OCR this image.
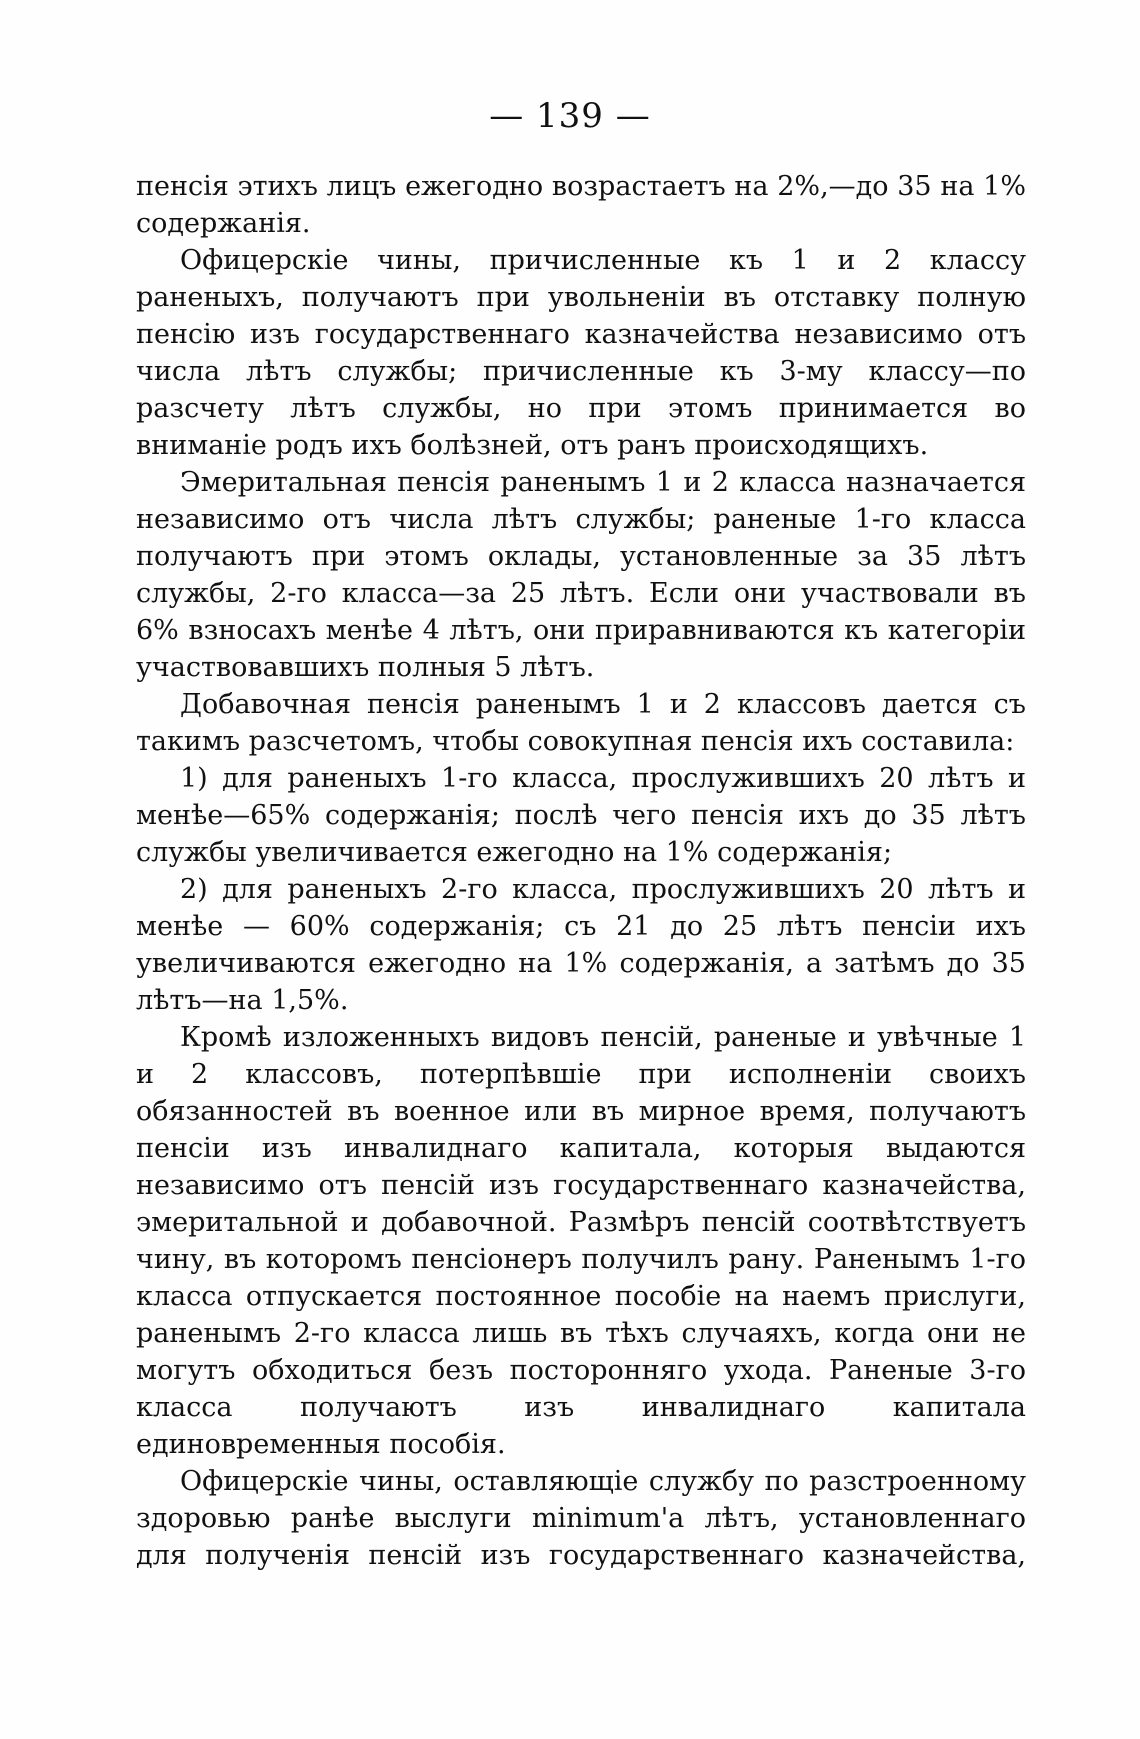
— 139 —

пенсія этихъ лицъ ежегодно возрастаетъ на 2%,—до 35 на 1% содержанія.

Офицерскіе чины, причисленные къ 1 и 2 классу раненыхъ, получаютъ при увольненіи въ отставку полную пенсію изъ государственнаго казначейства независимо отъ числа лѣтъ службы; причисленные къ 3-му классу—по разсчету лѣтъ службы, но при этомъ принимается во вниманіе родъ ихъ болѣзней, отъ ранъ происходящихъ.

Эмеритальная пенсія раненымъ 1 и 2 класса назначается независимо отъ числа лѣтъ службы; раненые 1-го класса получаютъ при этомъ оклады, установленные за 35 лѣтъ службы, 2-го класса—за 25 лѣтъ. Если они участвовали въ 6% взносахъ менѣе 4 лѣтъ, они приравниваются къ категоріи участвовавшихъ полныя 5 лѣтъ.

Добавочная пенсія раненымъ 1 и 2 классовъ дается съ такимъ разсчетомъ, чтобы совокупная пенсія ихъ составила:

1) для раненыхъ 1-го класса, прослужившихъ 20 лѣтъ и менѣе—65% содержанія; послѣ чего пенсія ихъ до 35 лѣтъ службы увеличивается ежегодно на 1% содержанія;

2) для раненыхъ 2-го класса, прослужившихъ 20 лѣтъ и менѣе — 60% содержанія; съ 21 до 25 лѣтъ пенсіи ихъ увеличиваются ежегодно на 1% содержанія, а затѣмъ до 35 лѣтъ—на 1,5%.

Кромѣ изложенныхъ видовъ пенсій, раненые и увѣчные 1 и 2 классовъ, потерпѣвшіе при исполненіи своихъ обязанностей въ военное или въ мирное время, получаютъ пенсіи изъ инвалиднаго капитала, которыя выдаются независимо отъ пенсій изъ государственнаго казначейства, эмеритальной и добавочной. Размѣръ пенсій соотвѣтствуетъ чину, въ которомъ пенсіонеръ получилъ рану. Раненымъ 1-го класса отпускается постоянное пособіе на наемъ прислуги, раненымъ 2-го класса лишь въ тѣхъ случаяхъ, когда они не могутъ обходиться безъ посторонняго ухода. Раненые 3-го класса получаютъ изъ инвалиднаго капитала единовременныя пособія.

Офицерскіе чины, оставляющіе службу по разстроенному здоровью ранѣе выслуги minimum'а лѣтъ, установленнаго для полученія пенсій изъ государственнаго казначейства,
